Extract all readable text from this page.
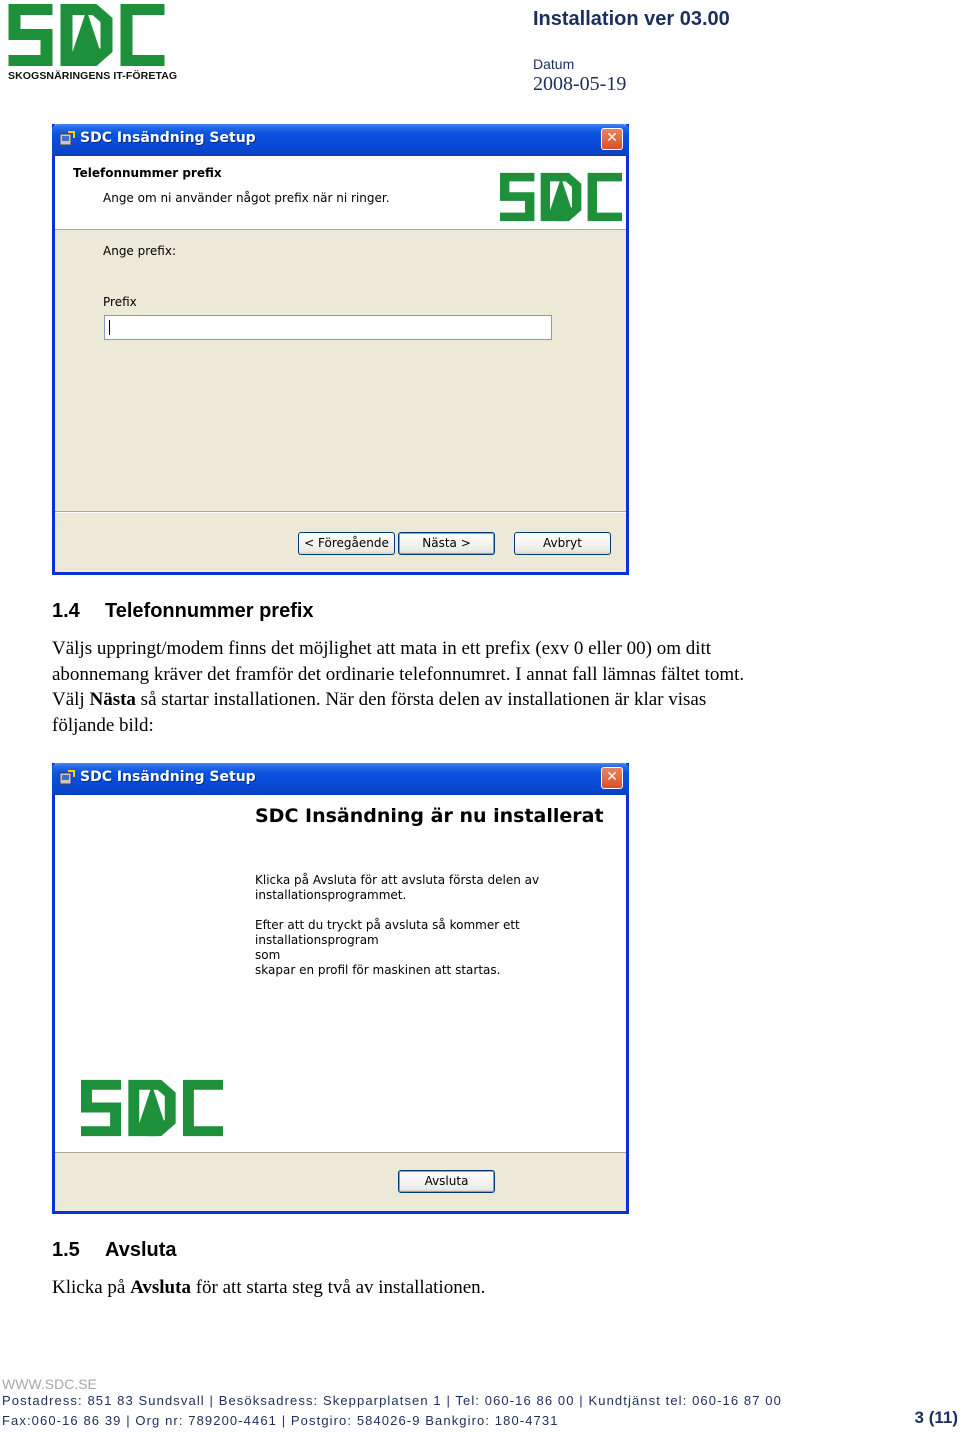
SKOGSNÄRINGENS IT-FÖRETAG
Installation ver 03.00
Datum
2008-05-19
SDC Insändning Setup	✕
Telefonnummer prefix
Ange om ni använder något prefix när ni ringer.
Ange prefix:
Prefix
< Föregående	Nästa >	Avbryt
1.4 Telefonnummer prefix
Väljs uppringt/modem finns det möjlighet att mata in ett prefix (exv 0 eller 00) om ditt
abonnemang kräver det framför det ordinarie telefonnumret. I annat fall lämnas fältet tomt.
Välj Nästa så startar installationen. När den första delen av installationen är klar visas
följande bild:
SDC Insändning Setup	✕
SDC Insändning är nu installerat
Klicka på Avsluta för att avsluta första delen av
installationsprogrammet.
Efter att du tryckt på avsluta så kommer ett installationsprogram
som
skapar en profil för maskinen att startas.
Avsluta
1.5 Avsluta
Klicka på Avsluta för att starta steg två av installationen.
WWW.SDC.SE
Postadress: 851 83 Sundsvall | Besöksadress: Skepparplatsen 1 | Tel: 060-16 86 00 | Kundtjänst tel: 060-16 87 00
Fax:060-16 86 39 | Org nr: 789200-4461 | Postgiro: 584026-9 Bankgiro: 180-4731	3 (11)
